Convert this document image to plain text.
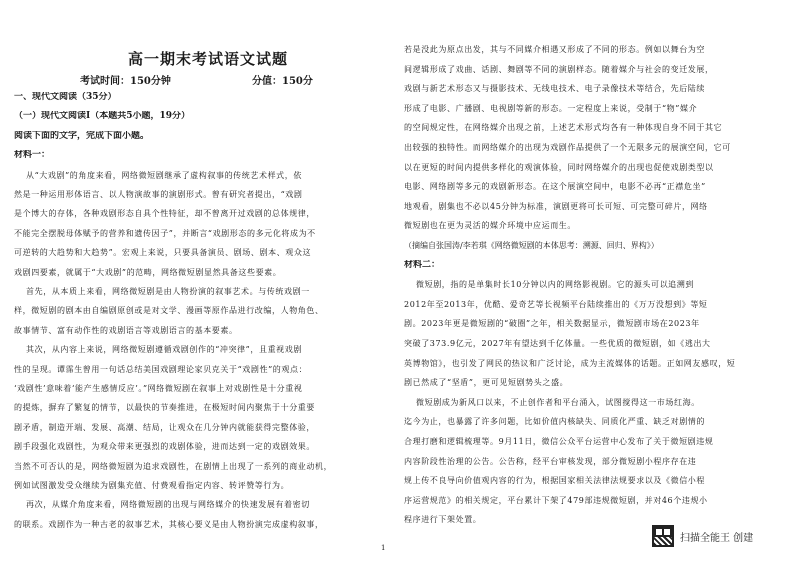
高一期末考试语文试题
考试时间：150分钟	分值：150分
一、现代文阅读（35分）
（一）现代文阅读Ⅰ（本题共5小题，19分）
阅读下面的文字，完成下面小题。
材料一：
从“大戏剧”的角度来看，网络微短剧继承了虚构叙事的传统艺术样式，依
然是一种运用形体语言、以人物演故事的演剧形式。曾有研究者提出，“戏剧
是个博大的存体，各种戏剧形态自具个性特征，却不曾离开过戏剧的总体规律，
不能完全摆脱母体赋予的营养和遗传因子”，并断言“戏剧形态的多元化将成为不
可逆转的大趋势和大趋势”。宏观上来说，只要具备演员、剧场、剧本、观众这
戏剧四要素，就属于“大戏剧”的范畴，网络微短剧显然具备这些要素。
首先，从本质上来看，网络微短剧是由人物扮演的叙事艺术。与传统戏剧一
样，微短剧的剧本由自编剧原创或是对文学、漫画等原作品进行改编，人物角色、
故事情节、富有动作性的戏剧语言等戏剧语言的基本要素。
其次，从内容上来说，网络微短剧遵循戏剧创作的“冲突律”，且重视戏剧
性的呈现。谭霈生曾用一句话总结美国戏剧理论家贝克关于“戏剧性”的观点：
‘戏剧性’意味着‘能产生感情反应’。”网络微短剧在叙事上对戏剧性是十分重视
的提炼，摒弃了繁复的情节，以最快的节奏推进，在极短时间内聚焦于十分重要
剧矛盾，制造开端、发展、高潮、结局，让观众在几分钟内就能获得完整体验，
剧手段强化戏剧性，为观众带来更强烈的戏剧体验，进而达到一定的戏剧效果。
当然不可否认的是，网络微短剧为追求戏剧性，在剧情上出现了一系列的商业动机，
例如试图激发受众继续为剧集充值、付费观看指定内容、转评赞等行为。
再次，从媒介角度来看，网络微短剧的出现与网络媒介的快速发展有着密切
的联系。戏剧作为一种古老的叙事艺术，其核心要义是由人物扮演完成虚构叙事，
若是没此为原点出发，其与不同媒介相遇又形成了不同的形态。例如以舞台为空
间逻辑形成了戏曲、话剧、舞剧等不同的演剧样态。随着媒介与社会的变迁发展，
戏剧与新艺术形态又与摄影技术、无线电技术、电子录像技术等结合，先后陆续
形成了电影、广播剧、电视剧等新的形态。一定程度上来说，受制于“物”媒介
的空间规定性，在网络媒介出现之前，上述艺术形式均各有一种体现自身不同于其它
出较强的独特性。而网络媒介的出现为戏剧作品提供了一个无限多元的展演空间，它可
以在更短的时间内提供多样化的观演体验，同时网络媒介的出现也促使戏剧类型以
电影、网络剧等多元的戏剧新形态。在这个展演空间中，电影不必再“正襟危坐”
地观看，剧集也不必以45分钟为标准，演剧更将可长可短、可完整可碎片，网络
微短剧也在更为灵活的媒介环境中应运而生。
（摘编自张国涛/李若琪《网络微短剧的本体思考：溯源、回归、界构》）
材料二：
微短剧，指的是单集时长10分钟以内的网络影视剧。它的源头可以追溯到
2012年至2013年，优酷、爱奇艺等长视频平台陆续推出的《万万没想到》等短
剧。2023年更是微短剧的“破圈”之年，相关数据显示，微短剧市场在2023年
突破了373.9亿元，2027年有望达到千亿体量。一些优质的微短剧，如《逃出大
英博物馆》，也引发了网民的热议和广泛讨论，成为主流媒体的话题。正如网友感叹，短
剧已然成了“坚盾”，更可见短剧势头之盛。
微短剧成为新风口以来，不止创作者和平台涌入，试图搅得这一市场红海。
迄今为止，也暴露了许多问题，比如价值内核缺失、同质化严重、缺乏对剧情的
合理打磨和逻辑梳理等。9月11日，微信公众平台运营中心发布了关于微短剧违规
内容阶段性治理的公告。公告称，经平台审核发现，部分微短剧小程序存在违
规上传不良导向价值观内容的行为，根据国家相关法律法规要求以及《微信小程
序运营规范》的相关规定，平台累计下架了479部违规微短剧，并对46个违规小
程序进行下架处置。
1
扫描全能王 创建
